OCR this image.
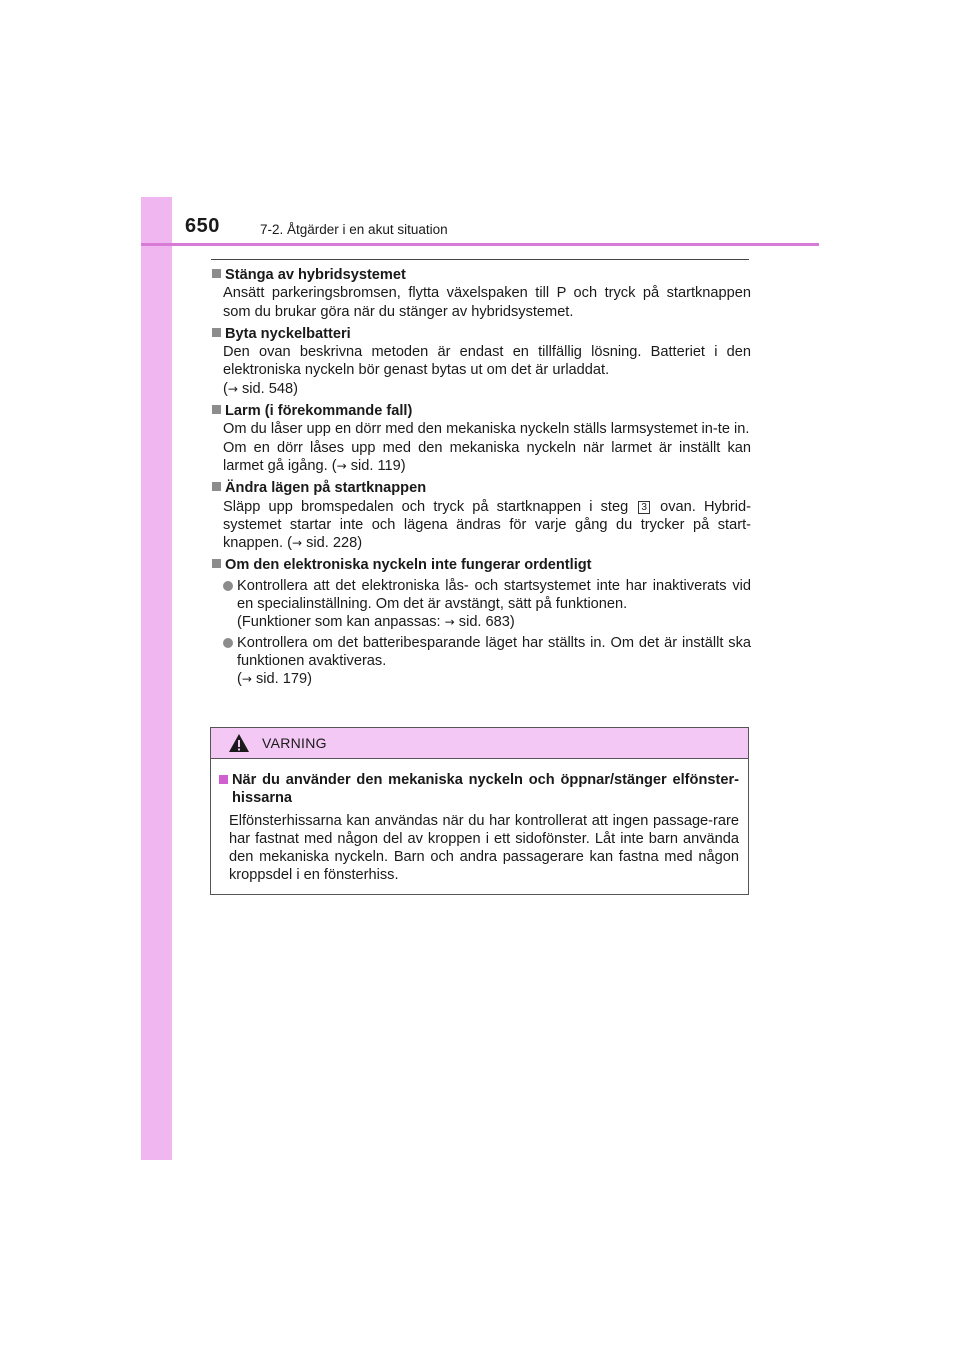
650	7-2. Åtgärder i en akut situation
Stänga av hybridsystemet

Ansätt parkeringsbromsen, flytta växelspaken till P och tryck på startknappen som du brukar göra när du stänger av hybridsystemet.

Byta nyckelbatteri

Den ovan beskrivna metoden är endast en tillfällig lösning. Batteriet i den elektroniska nyckeln bör genast bytas ut om det är urladdat.

(→ sid. 548)

Larm (i förekommande fall)

Om du låser upp en dörr med den mekaniska nyckeln ställs larmsystemet in-te in.

Om en dörr låses upp med den mekaniska nyckeln när larmet är inställt kan larmet gå igång. (→ sid. 119)

Ändra lägen på startknappen

Släpp upp bromspedalen och tryck på startknappen i steg 3 ovan. Hybrid-systemet startar inte och lägena ändras för varje gång du trycker på start-knappen. (→ sid. 228)

Om den elektroniska nyckeln inte fungerar ordentligt

Kontrollera att det elektroniska lås- och startsystemet inte har inaktiverats vid en specialinställning. Om det är avstängt, sätt på funktionen.

(Funktioner som kan anpassas: → sid. 683)

Kontrollera om det batteribesparande läget har ställts in. Om det är inställt ska funktionen avaktiveras.

(→ sid. 179)

VARNING
När du använder den mekaniska nyckeln och öppnar/stänger elfönster-hissarna
Elfönsterhissarna kan användas när du har kontrollerat att ingen passage-rare har fastnat med någon del av kroppen i ett sidofönster. Låt inte barn använda den mekaniska nyckeln. Barn och andra passagerare kan fastna med någon kroppsdel i en fönsterhiss.
